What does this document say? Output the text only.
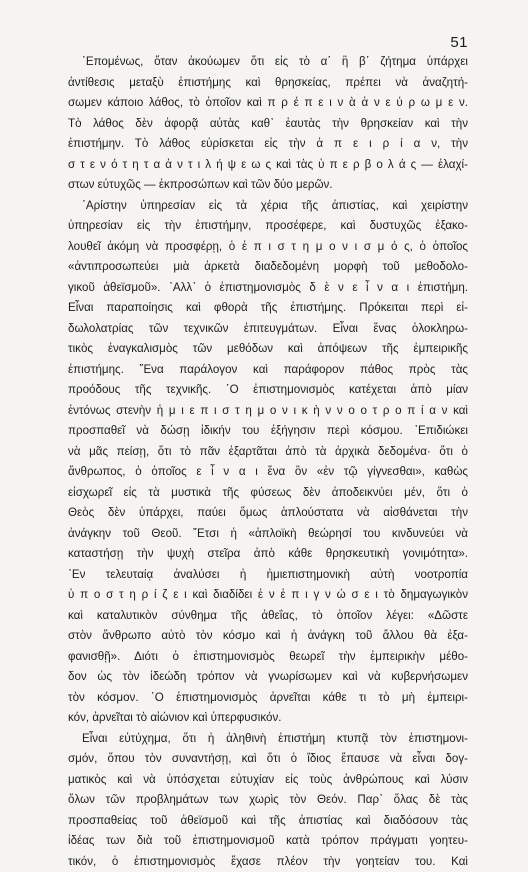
51
῾Επομένως, ὅταν ἀκούωμεν ὅτι εἰς τὸ α΄ ἢ β΄ ζήτημα ὑπάρχει
ἀντίθεσις μεταξὺ ἐπιστήμης καὶ θρησκείας, πρέπει νὰ ἀναζητή-
σωμεν κάποιο λάθος, τὸ ὁποῖον καὶ π ρ έ π ε ι ν ὰ ἀ ν ε ύ ρ ω μ ε ν.
Τὸ λάθος δὲν ἀφορᾷ αὐτὰς καθ᾽ ἑαυτὰς τὴν θρησκείαν καὶ τὴν
ἐπιστήμην. Τὸ λάθος εὑρίσκεται εἰς τὴν ἀ π ε ι ρ ί α ν, τὴν
σ τ ε ν ό τ η τ α ἀ ν τ ι λ ή ψ ε ω ς καὶ τὰς ὑ π ε ρ β ο λ ά ς — ἐλαχί-
στων εὐτυχῶς — ἐκπροσώπων καὶ τῶν δύο μερῶν.
᾽Αρίστην ὑπηρεσίαν εἰς τὰ χέρια τῆς ἀπιστίας, καὶ χειρίστην
ὑπηρεσίαν εἰς τὴν ἐπιστήμην, προσέφερε, καὶ δυστυχῶς ἐξακο-
λουθεῖ ἀκόμη νὰ προσφέρῃ, ὁ ἐ π ι σ τ η μ ο ν ι σ μ ό ς, ὁ ὁποῖος
«ἀντιπροσωπεύει μιὰ ἀρκετὰ διαδεδομένη μορφὴ τοῦ μεθοδολο-
γικοῦ ἀθεϊσμοῦ». ᾽Αλλ᾽ ὁ ἐπιστημονισμὸς δ ὲ ν ε ἶ ν α ι ἐπιστήμη.
Εἶναι παραποίησις καὶ φθορὰ τῆς ἐπιστήμης. Πρόκειται περὶ εἰ-
δωλολατρίας τῶν τεχνικῶν ἐπιτευγμάτων. Εἶναι ἕνας ὁλοκληρω-
τικὸς ἐναγκαλισμὸς τῶν μεθόδων καὶ ἀπόψεων τῆς ἐμπειρικῆς
ἐπιστήμης. ῞Ενα παράλογον καὶ παράφορον πάθος πρὸς τὰς
προόδους τῆς τεχνικῆς. ῾Ο ἐπιστημονισμὸς κατέχεται ἀπὸ μίαν
ἐντόνως στενὴν ἡ μ ι ε π ι σ τ η μ ο ν ι κ ὴ ν ν ο ο τ ρ ο π ί α ν καὶ
προσπαθεῖ νὰ δώσῃ ἰδικήν του ἐξήγησιν περὶ κόσμου. ᾽Επιδιώκει
νὰ μᾶς πείσῃ, ὅτι τὸ πᾶν ἐξαρτᾶται ἀπὸ τὰ ἀρχικὰ δεδομένα· ὅτι ὁ
ἄνθρωπος, ὁ ὁποῖος ε ἶ ν α ι ἕνα ὂν «ἐν τῷ γίγνεσθαι», καθὼς
εἰσχωρεῖ εἰς τὰ μυστικὰ τῆς φύσεως δὲν ἀποδεικνύει μέν, ὅτι ὁ
Θεὸς δὲν ὑπάρχει, παύει ὅμως ἁπλούστατα νὰ αἰσθάνεται τὴν
ἀνάγκην τοῦ Θεοῦ. ῎Ετσι ἡ «ἁπλοϊκὴ θεώρησί του κινδυνεύει νὰ
καταστήσῃ τὴν ψυχὴ στεῖρα ἀπὸ κάθε θρησκευτικὴ γονιμότητα».
᾽Εν τελευταίᾳ ἀναλύσει ἡ ἡμιεπιστημονικὴ αὐτὴ νοοτροπία
ὑ π ο σ τ η ρ ί ζ ε ι καὶ διαδίδει ἐ ν ἐ π ι γ ν ώ σ ε ι τὸ δημαγωγικὸν
καὶ καταλυτικὸν σύνθημα τῆς ἀθεΐας, τὸ ὁποῖον λέγει: «Δῶστε
στὸν ἄνθρωπο αὐτὸ τὸν κόσμο καὶ ἡ ἀνάγκη τοῦ ἄλλου θὰ ἐξα-
φανισθῇ». Διότι ὁ ἐπιστημονισμὸς θεωρεῖ τὴν ἐμπειρικὴν μέθο-
δον ὡς τὸν ἰδεώδη τρόπον νὰ γνωρίσωμεν καὶ νὰ κυβερνήσωμεν
τὸν κόσμον. ῾Ο ἐπιστημονισμὸς ἀρνεῖται κάθε τι τὸ μὴ ἐμπειρι-
κόν, ἀρνεῖται τὸ αἰώνιον καὶ ὑπερφυσικόν.
Εἶναι εὐτύχημα, ὅτι ἡ ἀληθινὴ ἐπιστήμη κτυπᾷ τὸν ἐπιστημονι-
σμόν, ὅπου τὸν συναντήσῃ, καὶ ὅτι ὁ ἴδιος ἔπαυσε νὰ εἶναι δογ-
ματικὸς καὶ νὰ ὑπόσχεται εὐτυχίαν εἰς τοὺς ἀνθρώπους καὶ λύσιν
ὅλων τῶν προβλημάτων των χωρὶς τὸν Θεόν. Παρ᾽ ὅλας δὲ τὰς
προσπαθείας τοῦ ἀθεϊσμοῦ καὶ τῆς ἀπιστίας καὶ διαδόσουν τὰς
ἰδέας των διὰ τοῦ ἐπιστημονισμοῦ κατὰ τρόπον πράγματι γοητευ-
τικόν, ὁ ἐπιστημονισμὸς ἔχασε πλέον τὴν γοητείαν του. Καὶ
